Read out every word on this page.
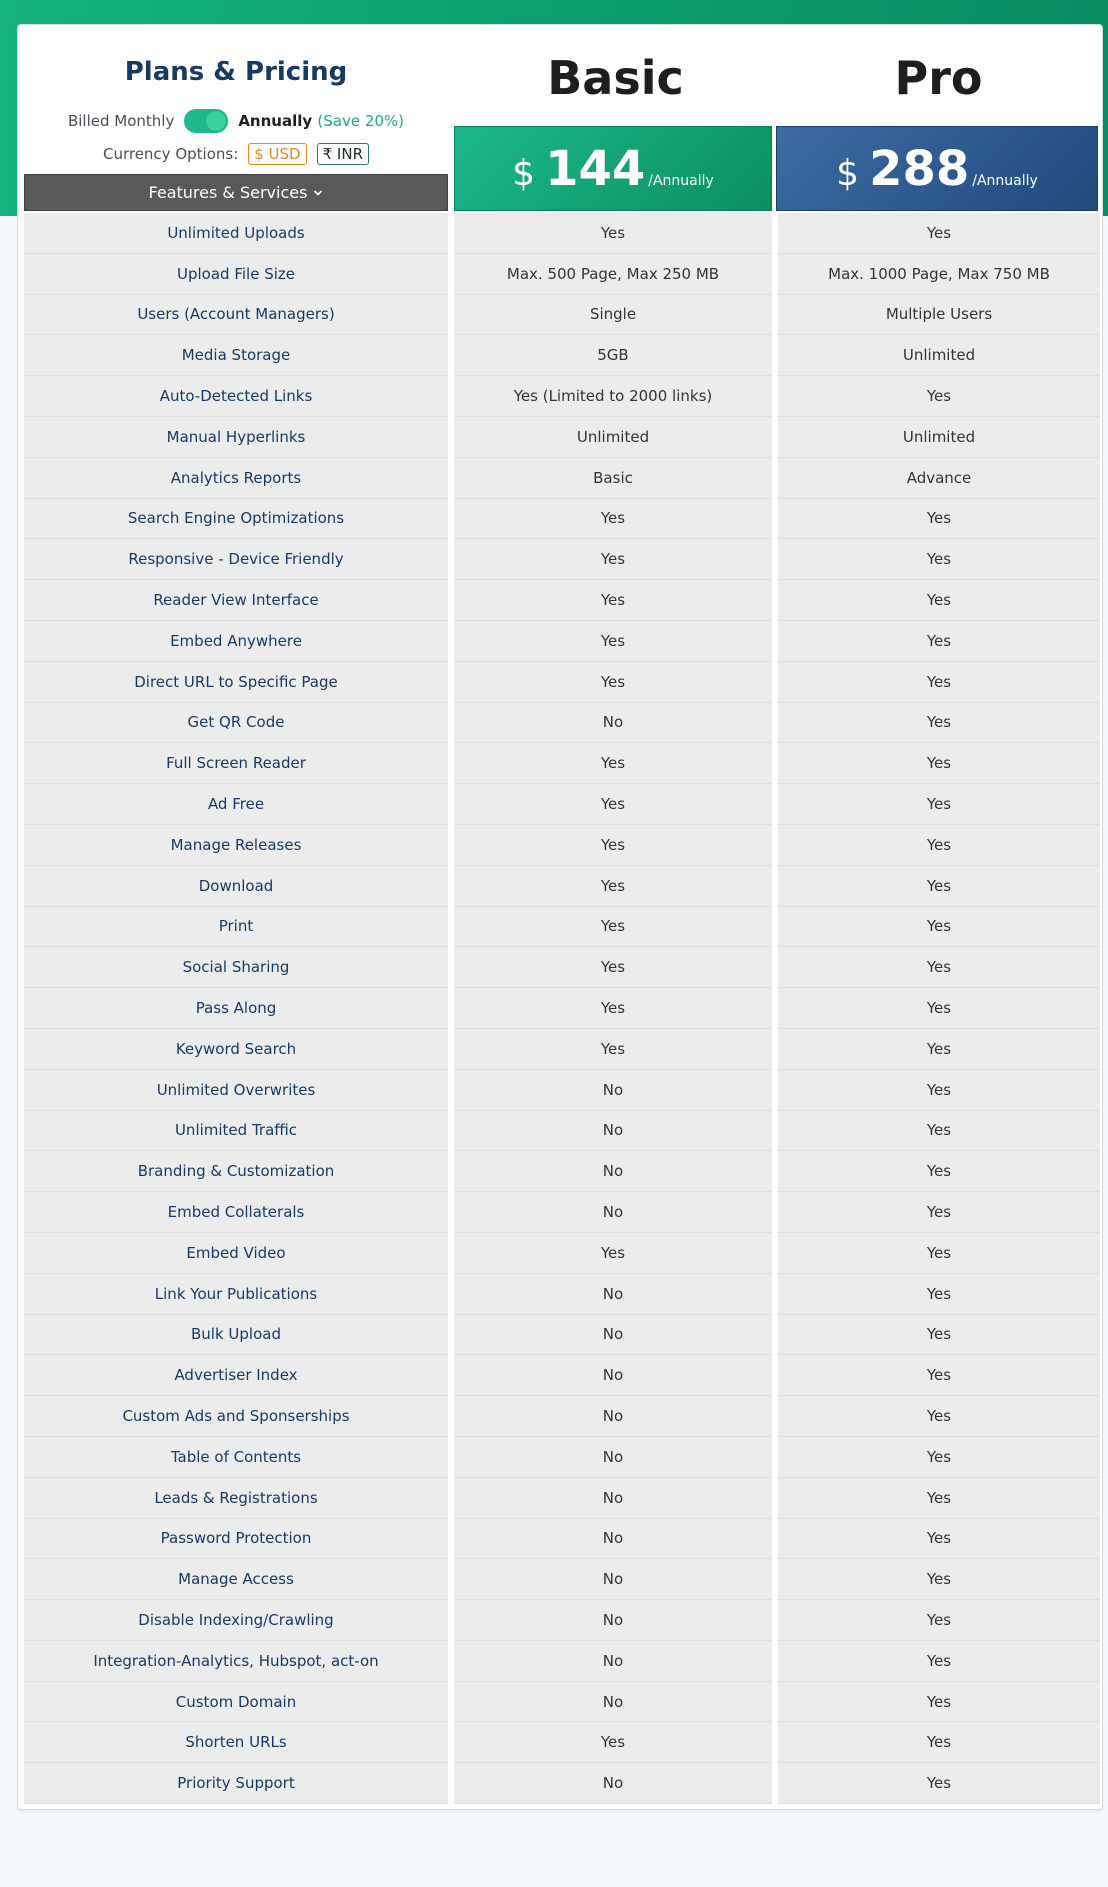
Plans & Pricing
Billed Monthly	Annually (Save 20%)
Currency Options:	$ USD	₹ INR
Features & Services
Basic	Pro
$ 144 /Annually	$ 288 /Annually
Unlimited Uploads	Yes	Yes
Upload File Size	Max. 500 Page, Max 250 MB	Max. 1000 Page, Max 750 MB
Users (Account Managers)	Single	Multiple Users
Media Storage	5GB	Unlimited
Auto-Detected Links	Yes (Limited to 2000 links)	Yes
Manual Hyperlinks	Unlimited	Unlimited
Analytics Reports	Basic	Advance
Search Engine Optimizations	Yes	Yes
Responsive - Device Friendly	Yes	Yes
Reader View Interface	Yes	Yes
Embed Anywhere	Yes	Yes
Direct URL to Specific Page	Yes	Yes
Get QR Code	No	Yes
Full Screen Reader	Yes	Yes
Ad Free	Yes	Yes
Manage Releases	Yes	Yes
Download	Yes	Yes
Print	Yes	Yes
Social Sharing	Yes	Yes
Pass Along	Yes	Yes
Keyword Search	Yes	Yes
Unlimited Overwrites	No	Yes
Unlimited Traffic	No	Yes
Branding & Customization	No	Yes
Embed Collaterals	No	Yes
Embed Video	Yes	Yes
Link Your Publications	No	Yes
Bulk Upload	No	Yes
Advertiser Index	No	Yes
Custom Ads and Sponserships	No	Yes
Table of Contents	No	Yes
Leads & Registrations	No	Yes
Password Protection	No	Yes
Manage Access	No	Yes
Disable Indexing/Crawling	No	Yes
Integration-Analytics, Hubspot, act-on	No	Yes
Custom Domain	No	Yes
Shorten URLs	Yes	Yes
Priority Support	No	Yes
